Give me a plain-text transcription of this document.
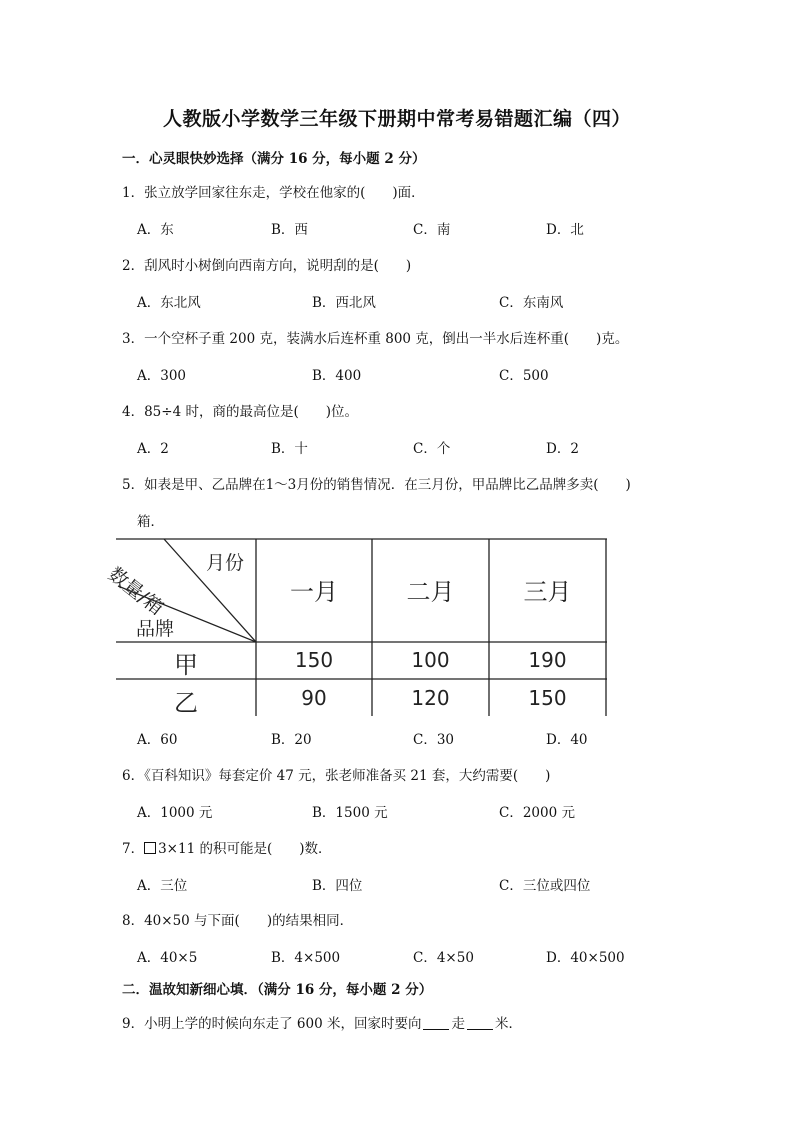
人教版小学数学三年级下册期中常考易错题汇编（四）
一．心灵眼快妙选择（满分 16 分，每小题 2 分）
1．张立放学回家往东走，学校在他家的(　　)面．
A．东	B．西	C．南	D．北
2．刮风时小树倒向西南方向，说明刮的是(　　)
A．东北风	B．西北风	C．东南风
3．一个空杯子重 200 克，装满水后连杯重 800 克，倒出一半水后连杯重(　　)克。
A．300	B．400	C．500
4．85÷4 时，商的最高位是(　　)位。
A．2	B．十	C．个	D．2
5．如表是甲、乙品牌在1～3月份的销售情况．在三月份，甲品牌比乙品牌多卖(　　)
箱．
月份
数量/箱
品牌
一月	二月	三月
甲	150	100	190
乙	90	120	150
A．60	B．20	C．30	D．40
6．《百科知识》每套定价 47 元，张老师准备买 21 套，大约需要(　　)
A．1000 元	B．1500 元	C．2000 元
7． 3×11 的积可能是(　　)数．
A．三位	B．四位	C．三位或四位
8．40×50 与下面(　　)的结果相同．
A．40×5	B．4×500	C．4×50	D．40×500
二．温故知新细心填．（满分 16 分，每小题 2 分）
9．小明上学的时候向东走了 600 米，回家时要向 走 米．
